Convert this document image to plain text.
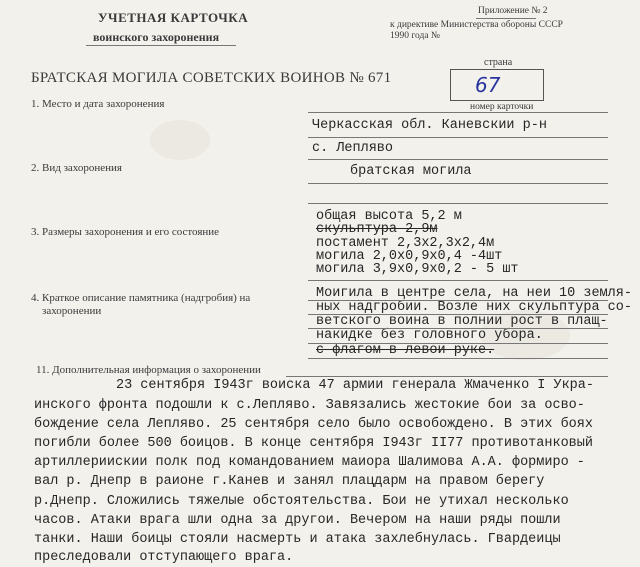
УЧЕТНАЯ КАРТОЧКА
воинского захоронения
Приложение № 2
к директиве Министерства обороны СССР
1990 года №
страна
67
номер карточки
БРАТСКАЯ МОГИЛА СОВЕТСКИХ ВОИНОВ № 671
1. Место и дата захоронения
Черкасская обл. Каневскии р-н
с. Лепляво
2. Вид захоронения	братская могила
3. Размеры захоронения и его состояние
общая высота 5,2 м
скульптура 2,9м
постамент 2,3х2,3х2,4м
могила 2,0х0,9х0,4 -4шт
могила 3,9х0,9х0,2 - 5 шт
4. Краткое описание памятника (надгробия) на
захоронении
Моигила в центре села, на неи 10 земля-
ных надгробии. Возле них скульптура со-
ветского воина в полнии рост в плащ-
накидке без головного убора.
с флагом в левои руке.
11. Дополнительная информация о захоронении
23 сентября I943г воиска 47 армии генерала Жмаченко I Укра-
инского фронта подошли к с.Лепляво. Завязались жестокие бои за осво-
бождение села Лепляво. 25 сентября село было освобождено. В этих боях
погибли более 500 боицов. В конце сентября I943г II77 противотанковый
артиллериискии полк под командованием маиора Шалимова А.А. формиро -
вал р. Днепр в раионе г.Канев и занял плацдарм на правом берегу
р.Днепр. Сложились тяжелые обстоятельства. Бои не утихал несколько
часов. Атаки врага шли одна за другои. Вечером на наши ряды пошли
танки. Наши боицы стояли насмерть и атака захлебнулась. Гвардеицы
преследовали отступающего врага.
